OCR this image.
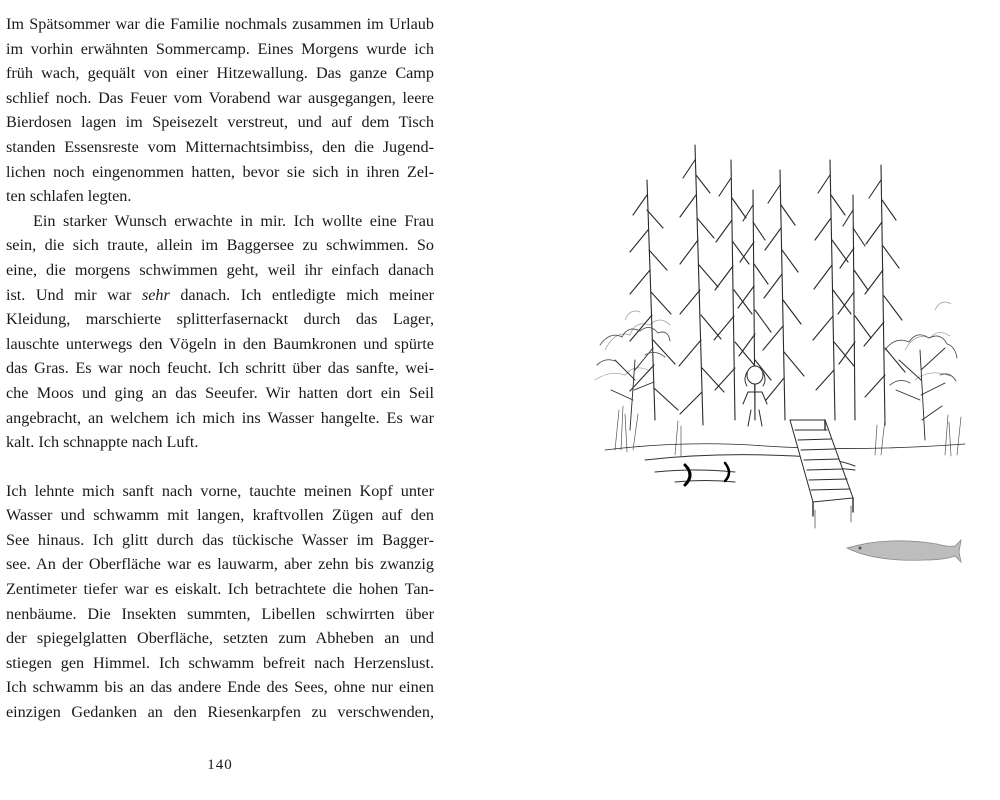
Im Spätsommer war die Familie nochmals zusammen im Urlaub
im vorhin erwähnten Sommercamp. Eines Morgens wurde ich
früh wach, gequält von einer Hitzewallung. Das ganze Camp
schlief noch. Das Feuer vom Vorabend war ausgegangen, leere
Bierdosen lagen im Speisezelt verstreut, und auf dem Tisch
standen Essensreste vom Mitternachtsimbiss, den die Jugend-
lichen noch eingenommen hatten, bevor sie sich in ihren Zel-
ten schlafen legten.
Ein starker Wunsch erwachte in mir. Ich wollte eine Frau
sein, die sich traute, allein im Baggersee zu schwimmen. So
eine, die morgens schwimmen geht, weil ihr einfach danach
ist. Und mir war sehr danach. Ich entledigte mich meiner
Kleidung, marschierte splitterfasernackt durch das Lager,
lauschte unterwegs den Vögeln in den Baumkronen und spürte
das Gras. Es war noch feucht. Ich schritt über das sanfte, wei-
che Moos und ging an das Seeufer. Wir hatten dort ein Seil
angebracht, an welchem ich mich ins Wasser hangelte. Es war
kalt. Ich schnappte nach Luft.
Ich lehnte mich sanft nach vorne, tauchte meinen Kopf unter
Wasser und schwamm mit langen, kraftvollen Zügen auf den
See hinaus. Ich glitt durch das tückische Wasser im Bagger-
see. An der Oberfläche war es lauwarm, aber zehn bis zwanzig
Zentimeter tiefer war es eiskalt. Ich betrachtete die hohen Tan-
nenbäume. Die Insekten summten, Libellen schwirrten über
der spiegelglatten Oberfläche, setzten zum Abheben an und
stiegen gen Himmel. Ich schwamm befreit nach Herzenslust.
Ich schwamm bis an das andere Ende des Sees, ohne nur einen
einzigen Gedanken an den Riesenkarpfen zu verschwenden,
140
